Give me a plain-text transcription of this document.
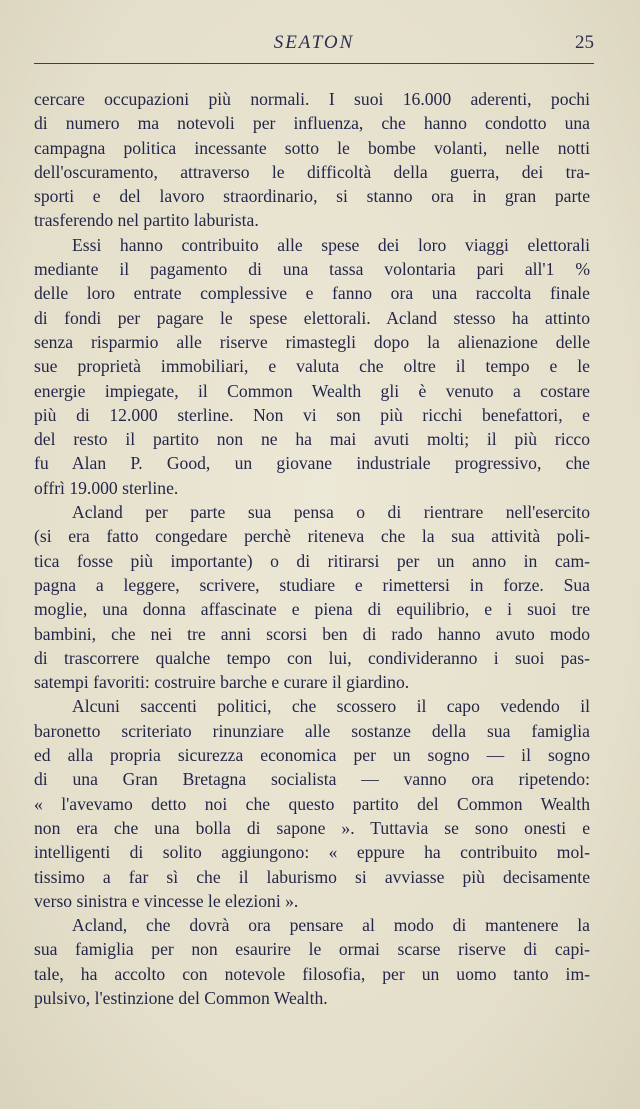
SEATON	25
cercare occupazioni più normali. I suoi 16.000 aderenti, pochi
di numero ma notevoli per influenza, che hanno condotto una
campagna politica incessante sotto le bombe volanti, nelle notti
dell'oscuramento, attraverso le difficoltà della guerra, dei tra-
sporti e del lavoro straordinario, si stanno ora in gran parte
trasferendo nel partito laburista.
Essi hanno contribuito alle spese dei loro viaggi elettorali
mediante il pagamento di una tassa volontaria pari all'1 %
delle loro entrate complessive e fanno ora una raccolta finale
di fondi per pagare le spese elettorali. Acland stesso ha attinto
senza risparmio alle riserve rimastegli dopo la alienazione delle
sue proprietà immobiliari, e valuta che oltre il tempo e le
energie impiegate, il Common Wealth gli è venuto a costare
più di 12.000 sterline. Non vi son più ricchi benefattori, e
del resto il partito non ne ha mai avuti molti; il più ricco
fu Alan P. Good, un giovane industriale progressivo, che
offrì 19.000 sterline.
Acland per parte sua pensa o di rientrare nell'esercito
(si era fatto congedare perchè riteneva che la sua attività poli-
tica fosse più importante) o di ritirarsi per un anno in cam-
pagna a leggere, scrivere, studiare e rimettersi in forze. Sua
moglie, una donna affascinate e piena di equilibrio, e i suoi tre
bambini, che nei tre anni scorsi ben di rado hanno avuto modo
di trascorrere qualche tempo con lui, condivideranno i suoi pas-
satempi favoriti: costruire barche e curare il giardino.
Alcuni saccenti politici, che scossero il capo vedendo il
baronetto scriteriato rinunziare alle sostanze della sua famiglia
ed alla propria sicurezza economica per un sogno — il sogno
di una Gran Bretagna socialista — vanno ora ripetendo:
« l'avevamo detto noi che questo partito del Common Wealth
non era che una bolla di sapone ». Tuttavia se sono onesti e
intelligenti di solito aggiungono: « eppure ha contribuito mol-
tissimo a far sì che il laburismo si avviasse più decisamente
verso sinistra e vincesse le elezioni ».
Acland, che dovrà ora pensare al modo di mantenere la
sua famiglia per non esaurire le ormai scarse riserve di capi-
tale, ha accolto con notevole filosofia, per un uomo tanto im-
pulsivo, l'estinzione del Common Wealth.
